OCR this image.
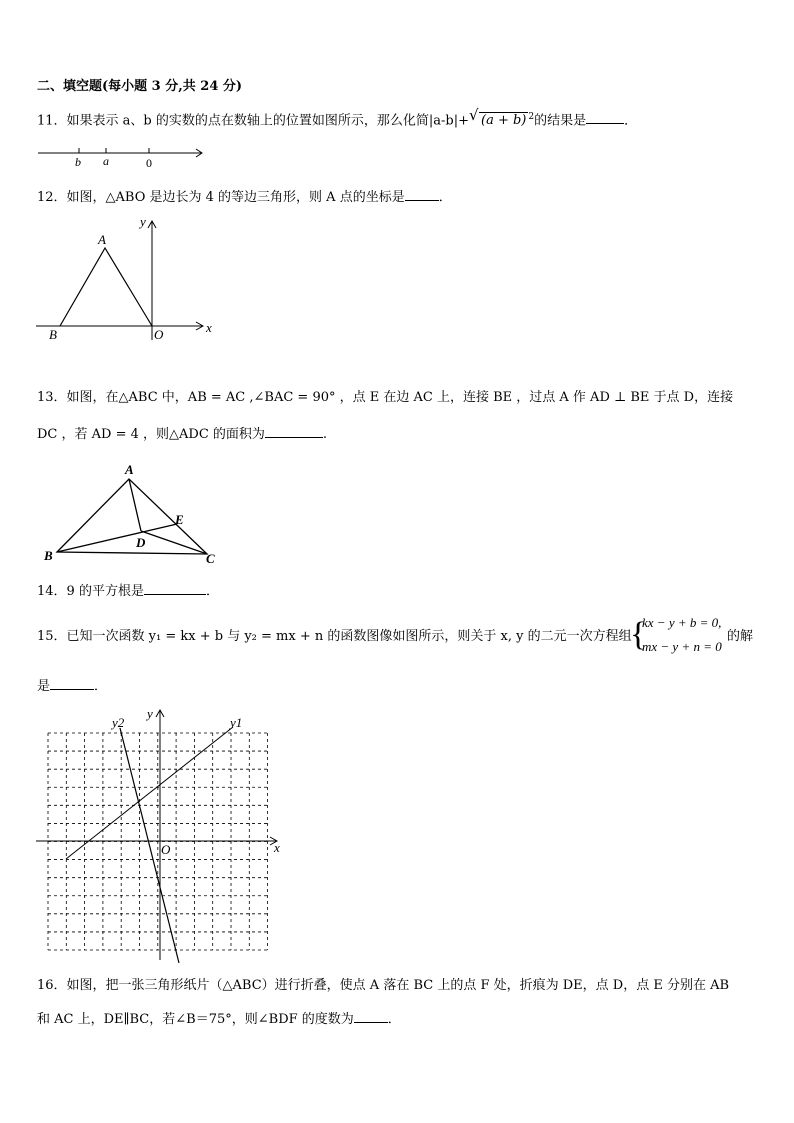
二、填空题(每小题 3 分,共 24 分)
11．如果表示 a、b 的实数的点在数轴上的位置如图所示，那么化简|a-b|+ √ (a + b) $^2$的结果是	．
b a	0
12．如图，△ABO 是边长为 4 的等边三角形，则 A 点的坐标是	．
A
B	O	x
y
13．如图，在△ABC 中，AB = AC ,∠BAC = 90° ，点 E 在边 AC 上，连接 BE ，过点 A 作 AD ⊥ BE 于点 D，连接
DC ，若 AD = 4 ，则△ADC 的面积为	.
A
B	C
D
E
14．9 的平方根是	．
15．已知一次函数 y₁ = kx + b 与 y₂ = mx + n 的函数图像如图所示，则关于 x, y 的二元一次方程组
{
kx − y + b = 0,
mx − y + n = 0
的解
是	．
y
y2	y1
x
O
16．如图，把一张三角形纸片（△ABC）进行折叠，使点 A 落在 BC 上的点 F 处，折痕为 DE，点 D，点 E 分别在 AB
和 AC 上，DE∥BC，若∠B＝75°，则∠BDF 的度数为	．
